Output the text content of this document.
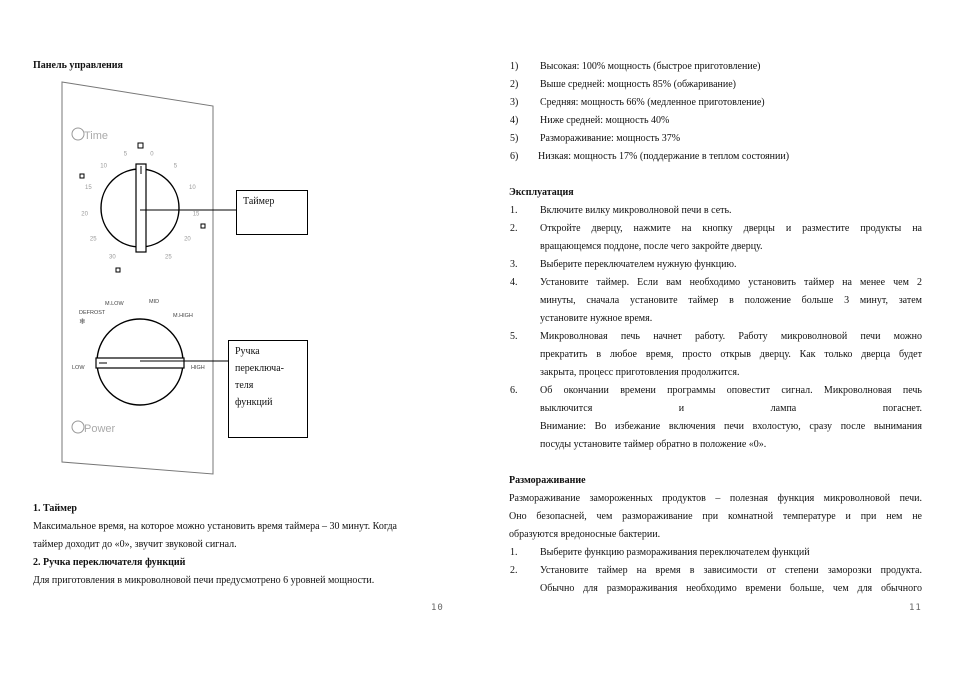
Панель управления
Time
30
25
20
15
10
5	0
5
10
15
20
25
M.LOW	MID
DEFROST	M.HIGH
❄
LOW	HIGH
Power
Таймер
Ручка
переключа-
теля
функций
1. Таймер
Максимальное время, на которое можно установить время таймера – 30 минут. Когда
таймер доходит до «0», звучит звуковой сигнал.
2. Ручка переключателя функций
Для приготовления в микроволновой печи предусмотрено 6 уровней мощности.
10
1) Высокая: 100% мощность (быстрое приготовление)
2) Выше средней: мощность 85% (обжаривание)
3) Средняя: мощность 66% (медленное приготовление)
4) Ниже средней: мощность 40%
5) Размораживание: мощность 37%
6) Низкая: мощность 17% (поддержание в теплом состоянии)
Эксплуатация
1. Включите вилку микроволновой печи в сеть.
2. Откройте дверцу, нажмите на кнопку дверцы и разместите продукты на
вращающемся поддоне, после чего закройте дверцу.
3. Выберите переключателем нужную функцию.
4. Установите таймер. Если вам необходимо установить таймер на менее чем 2
минуты, сначала установите таймер в положение больше 3 минут, затем
установите нужное время.
5. Микроволновая печь начнет работу. Работу микроволновой печи можно
прекратить в любое время, просто открыв дверцу. Как только дверца будет
закрыта, процесс приготовления продолжится.
6. Об окончании времени программы оповестит сигнал. Микроволновая печь
выключится и лампа погаснет.
Внимание: Во избежание включения печи вхолостую, сразу после вынимания
посуды установите таймер обратно в положение «0».
Размораживание
Размораживание замороженных продуктов – полезная функция микроволновой печи.
Оно безопасней, чем размораживание при комнатной температуре и при нем не
образуются вредоносные бактерии.
1. Выберите функцию размораживания переключателем функций
2. Установите таймер на время в зависимости от степени заморозки продукта.
Обычно для размораживания необходимо времени больше, чем для обычного
11
